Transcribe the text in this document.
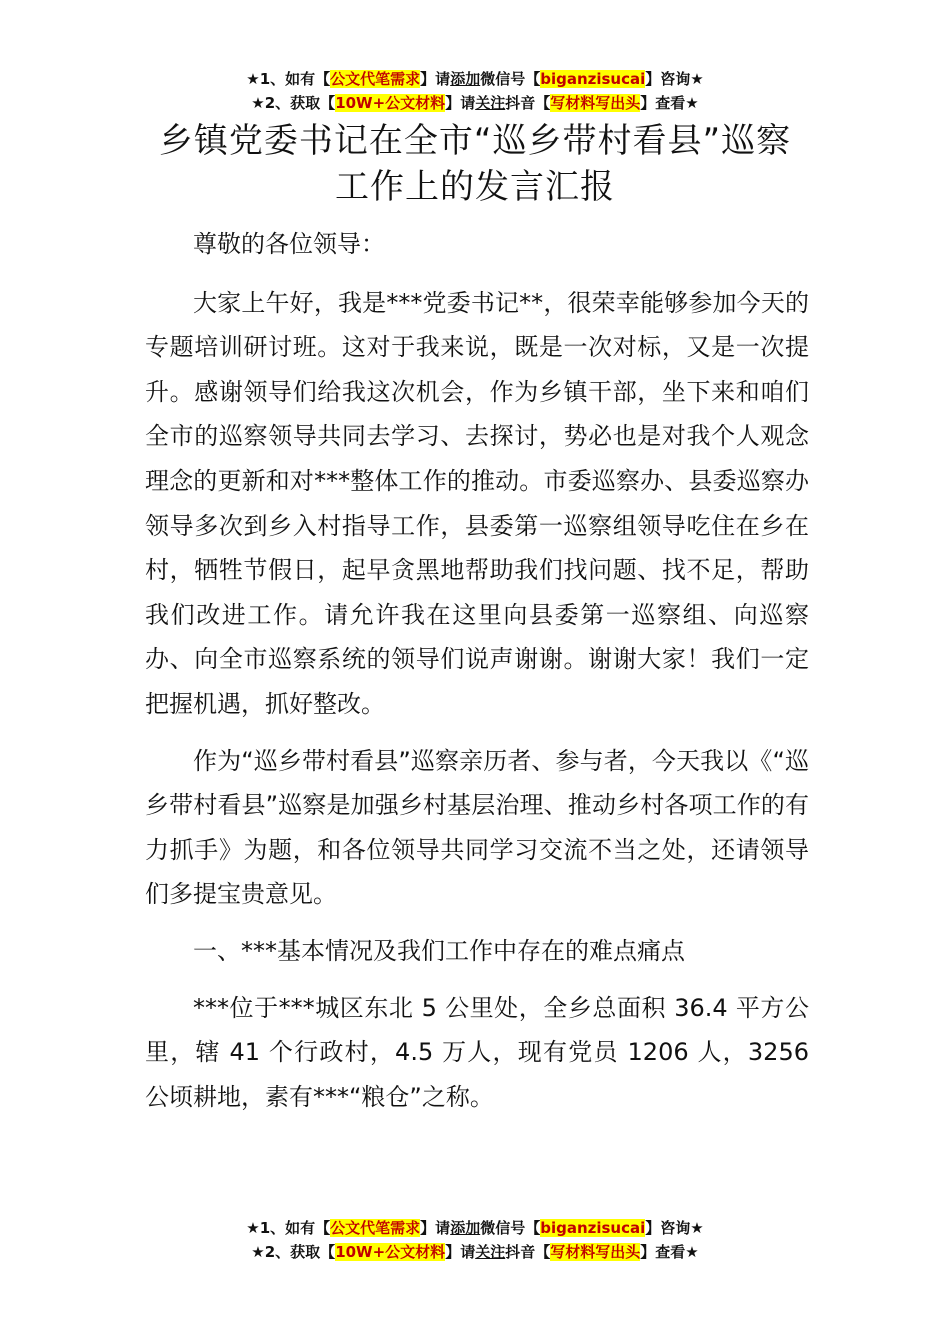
★1、如有【公文代笔需求】请添加微信号【biganzisucai】咨询★
★2、获取【10W+公文材料】请关注抖音【写材料写出头】查看★
乡镇党委书记在全市“巡乡带村看县”巡察
工作上的发言汇报

尊敬的各位领导：

大家上午好，我是***党委书记**，很荣幸能够参加今天的专题培训研讨班。这对于我来说，既是一次对标，又是一次提升。感谢领导们给我这次机会，作为乡镇干部，坐下来和咱们全市的巡察领导共同去学习、去探讨，势必也是对我个人观念理念的更新和对***整体工作的推动。市委巡察办、县委巡察办领导多次到乡入村指导工作，县委第一巡察组领导吃住在乡在村，牺牲节假日，起早贪黑地帮助我们找问题、找不足，帮助我们改进工作。请允许我在这里向县委第一巡察组、向巡察办、向全市巡察系统的领导们说声谢谢。谢谢大家！我们一定把握机遇，抓好整改。

作为“巡乡带村看县”巡察亲历者、参与者，今天我以《“巡乡带村看县”巡察是加强乡村基层治理、推动乡村各项工作的有力抓手》为题，和各位领导共同学习交流不当之处，还请领导们多提宝贵意见。

一、***基本情况及我们工作中存在的难点痛点

***位于***城区东北 5 公里处，全乡总面积 36.4 平方公里，辖 41 个行政村，4.5 万人，现有党员 1206 人，3256 公顷耕地，素有***“粮仓”之称。

★1、如有【公文代笔需求】请添加微信号【biganzisucai】咨询★
★2、获取【10W+公文材料】请关注抖音【写材料写出头】查看★
